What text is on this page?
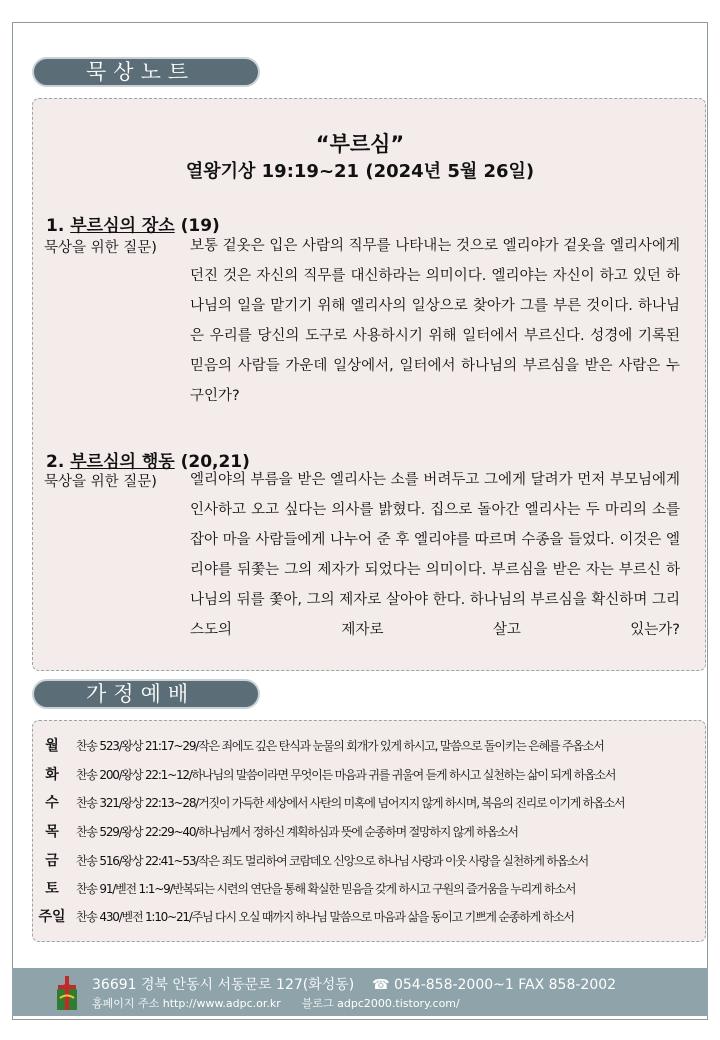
묵상노트
“부르심”
열왕기상 19:19~21 (2024년 5월 26일)
1. 부르심의 장소 (19)
묵상을 위한 질문) 보통 겉옷은 입은 사람의 직무를 나타내는 것으로 엘리야가 겉옷을 엘리사에게 던진 것은 자신의 직무를 대신하라는 의미이다. 엘리야는 자신이 하고 있던 하나님의 일을 맡기기 위해 엘리사의 일상으로 찾아가 그를 부른 것이다. 하나님은 우리를 당신의 도구로 사용하시기 위해 일터에서 부르신다. 성경에 기록된 믿음의 사람들 가운데 일상에서, 일터에서 하나님의 부르심을 받은 사람은 누구인가?
2. 부르심의 행동 (20,21)
묵상을 위한 질문) 엘리야의 부름을 받은 엘리사는 소를 버려두고 그에게 달려가 먼저 부모님에게 인사하고 오고 싶다는 의사를 밝혔다. 집으로 돌아간 엘리사는 두 마리의 소를 잡아 마을 사람들에게 나누어 준 후 엘리야를 따르며 수종을 들었다. 이것은 엘리야를 뒤쫓는 그의 제자가 되었다는 의미이다. 부르심을 받은 자는 부르신 하나님의 뒤를 쫓아, 그의 제자로 살아야 한다. 하나님의 부르심을 확신하며 그리스도의 제자로 살고 있는가?
가정예배
월	찬송 523/왕상 21:17~29/작은 죄에도 깊은 탄식과 눈물의 회개가 있게 하시고, 말씀으로 돌이키는 은혜를 주옵소서
화	찬송 200/왕상 22:1~12/하나님의 말씀이라면 무엇이든 마음과 귀를 귀울여 듣게 하시고 실천하는 삶이 되게 하옵소서
수	찬송 321/왕상 22:13~28/거짓이 가득한 세상에서 사탄의 미혹에 넘어지지 않게 하시며, 복음의 진리로 이기게 하옵소서
목	찬송 529/왕상 22:29~40/하나님께서 정하신 계획하심과 뜻에 순종하며 절망하지 않게 하옵소서
금	찬송 516/왕상 22:41~53/작은 죄도 멀리하여 코람데오 신앙으로 하나님 사랑과 이웃 사랑을 실천하게 하옵소서
토	찬송 91/벧전 1:1~9/반복되는 시련의 연단을 통해 확실한 믿음을 갖게 하시고 구원의 즐거움을 누리게 하소서
주일 찬송 430/벧전 1:10~21/주님 다시 오실 때까지 하나님 말씀으로 마음과 삶을 동이고 기쁘게 순종하게 하소서
36691 경북 안동시 서동문로 127(화성동) ☎ 054-858-2000~1 FAX 858-2002
홈페이지 주소 http://www.adpc.or.kr 블로그 adpc2000.tistory.com/
